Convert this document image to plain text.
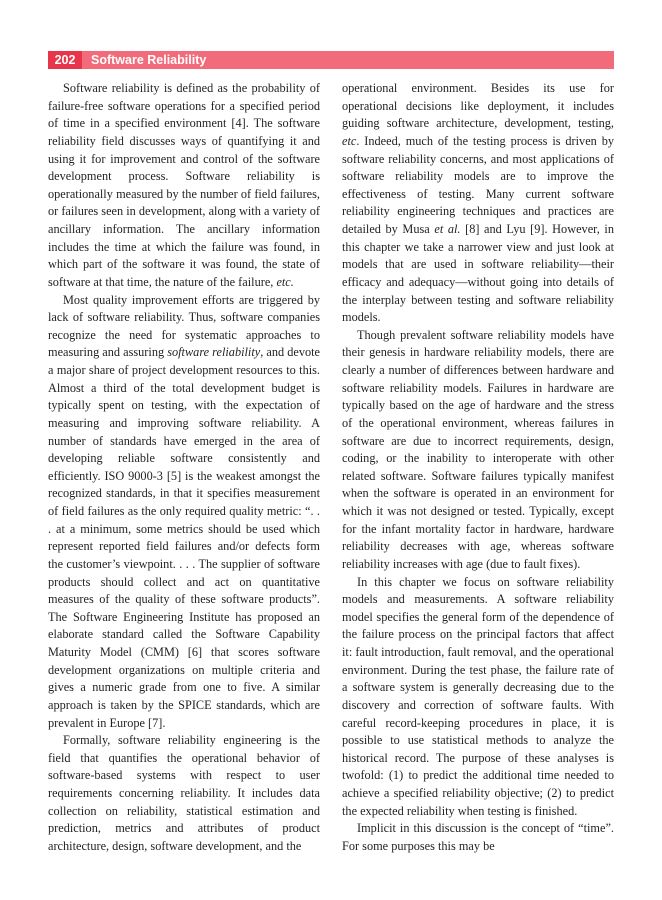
202	Software Reliability

Software reliability is defined as the probability of failure-free software operations for a specified period of time in a specified environment [4]. The software reliability field discusses ways of quantifying it and using it for improvement and control of the software development process. Software reliability is operationally measured by the number of field failures, or failures seen in development, along with a variety of ancillary information. The ancillary information includes the time at which the failure was found, in which part of the software it was found, the state of software at that time, the nature of the failure, etc.

Most quality improvement efforts are triggered by lack of software reliability. Thus, software companies recognize the need for systematic approaches to measuring and assuring software reliability, and devote a major share of project development resources to this. Almost a third of the total development budget is typically spent on testing, with the expectation of measuring and improving software reliability. A number of standards have emerged in the area of developing reliable software consistently and efficiently. ISO 9000-3 [5] is the weakest amongst the recognized standards, in that it specifies measurement of field failures as the only required quality metric: “. . . at a minimum, some metrics should be used which represent reported field failures and/or defects form the customer’s viewpoint. . . . The supplier of software products should collect and act on quantitative measures of the quality of these software products”. The Software Engineering Institute has proposed an elaborate standard called the Software Capability Maturity Model (CMM) [6] that scores software development organizations on multiple criteria and gives a numeric grade from one to five. A similar approach is taken by the SPICE standards, which are prevalent in Europe [7].

Formally, software reliability engineering is the field that quantifies the operational behavior of software-based systems with respect to user requirements concerning reliability. It includes data collection on reliability, statistical estimation and prediction, metrics and attributes of product architecture, design, software development, and the

operational environment. Besides its use for operational decisions like deployment, it includes guiding software architecture, development, testing, etc. Indeed, much of the testing process is driven by software reliability concerns, and most applications of software reliability models are to improve the effectiveness of testing. Many current software reliability engineering techniques and practices are detailed by Musa et al. [8] and Lyu [9]. However, in this chapter we take a narrower view and just look at models that are used in software reliability—their efficacy and adequacy—without going into details of the interplay between testing and software reliability models.

Though prevalent software reliability models have their genesis in hardware reliability models, there are clearly a number of differences between hardware and software reliability models. Failures in hardware are typically based on the age of hardware and the stress of the operational environment, whereas failures in software are due to incorrect requirements, design, coding, or the inability to interoperate with other related software. Software failures typically manifest when the software is operated in an environment for which it was not designed or tested. Typically, except for the infant mortality factor in hardware, hardware reliability decreases with age, whereas software reliability increases with age (due to fault fixes).

In this chapter we focus on software reliability models and measurements. A software reliability model specifies the general form of the dependence of the failure process on the principal factors that affect it: fault introduction, fault removal, and the operational environment. During the test phase, the failure rate of a software system is generally decreasing due to the discovery and correction of software faults. With careful record-keeping procedures in place, it is possible to use statistical methods to analyze the historical record. The purpose of these analyses is twofold: (1) to predict the additional time needed to achieve a specified reliability objective; (2) to predict the expected reliability when testing is finished.

Implicit in this discussion is the concept of “time”. For some purposes this may be
